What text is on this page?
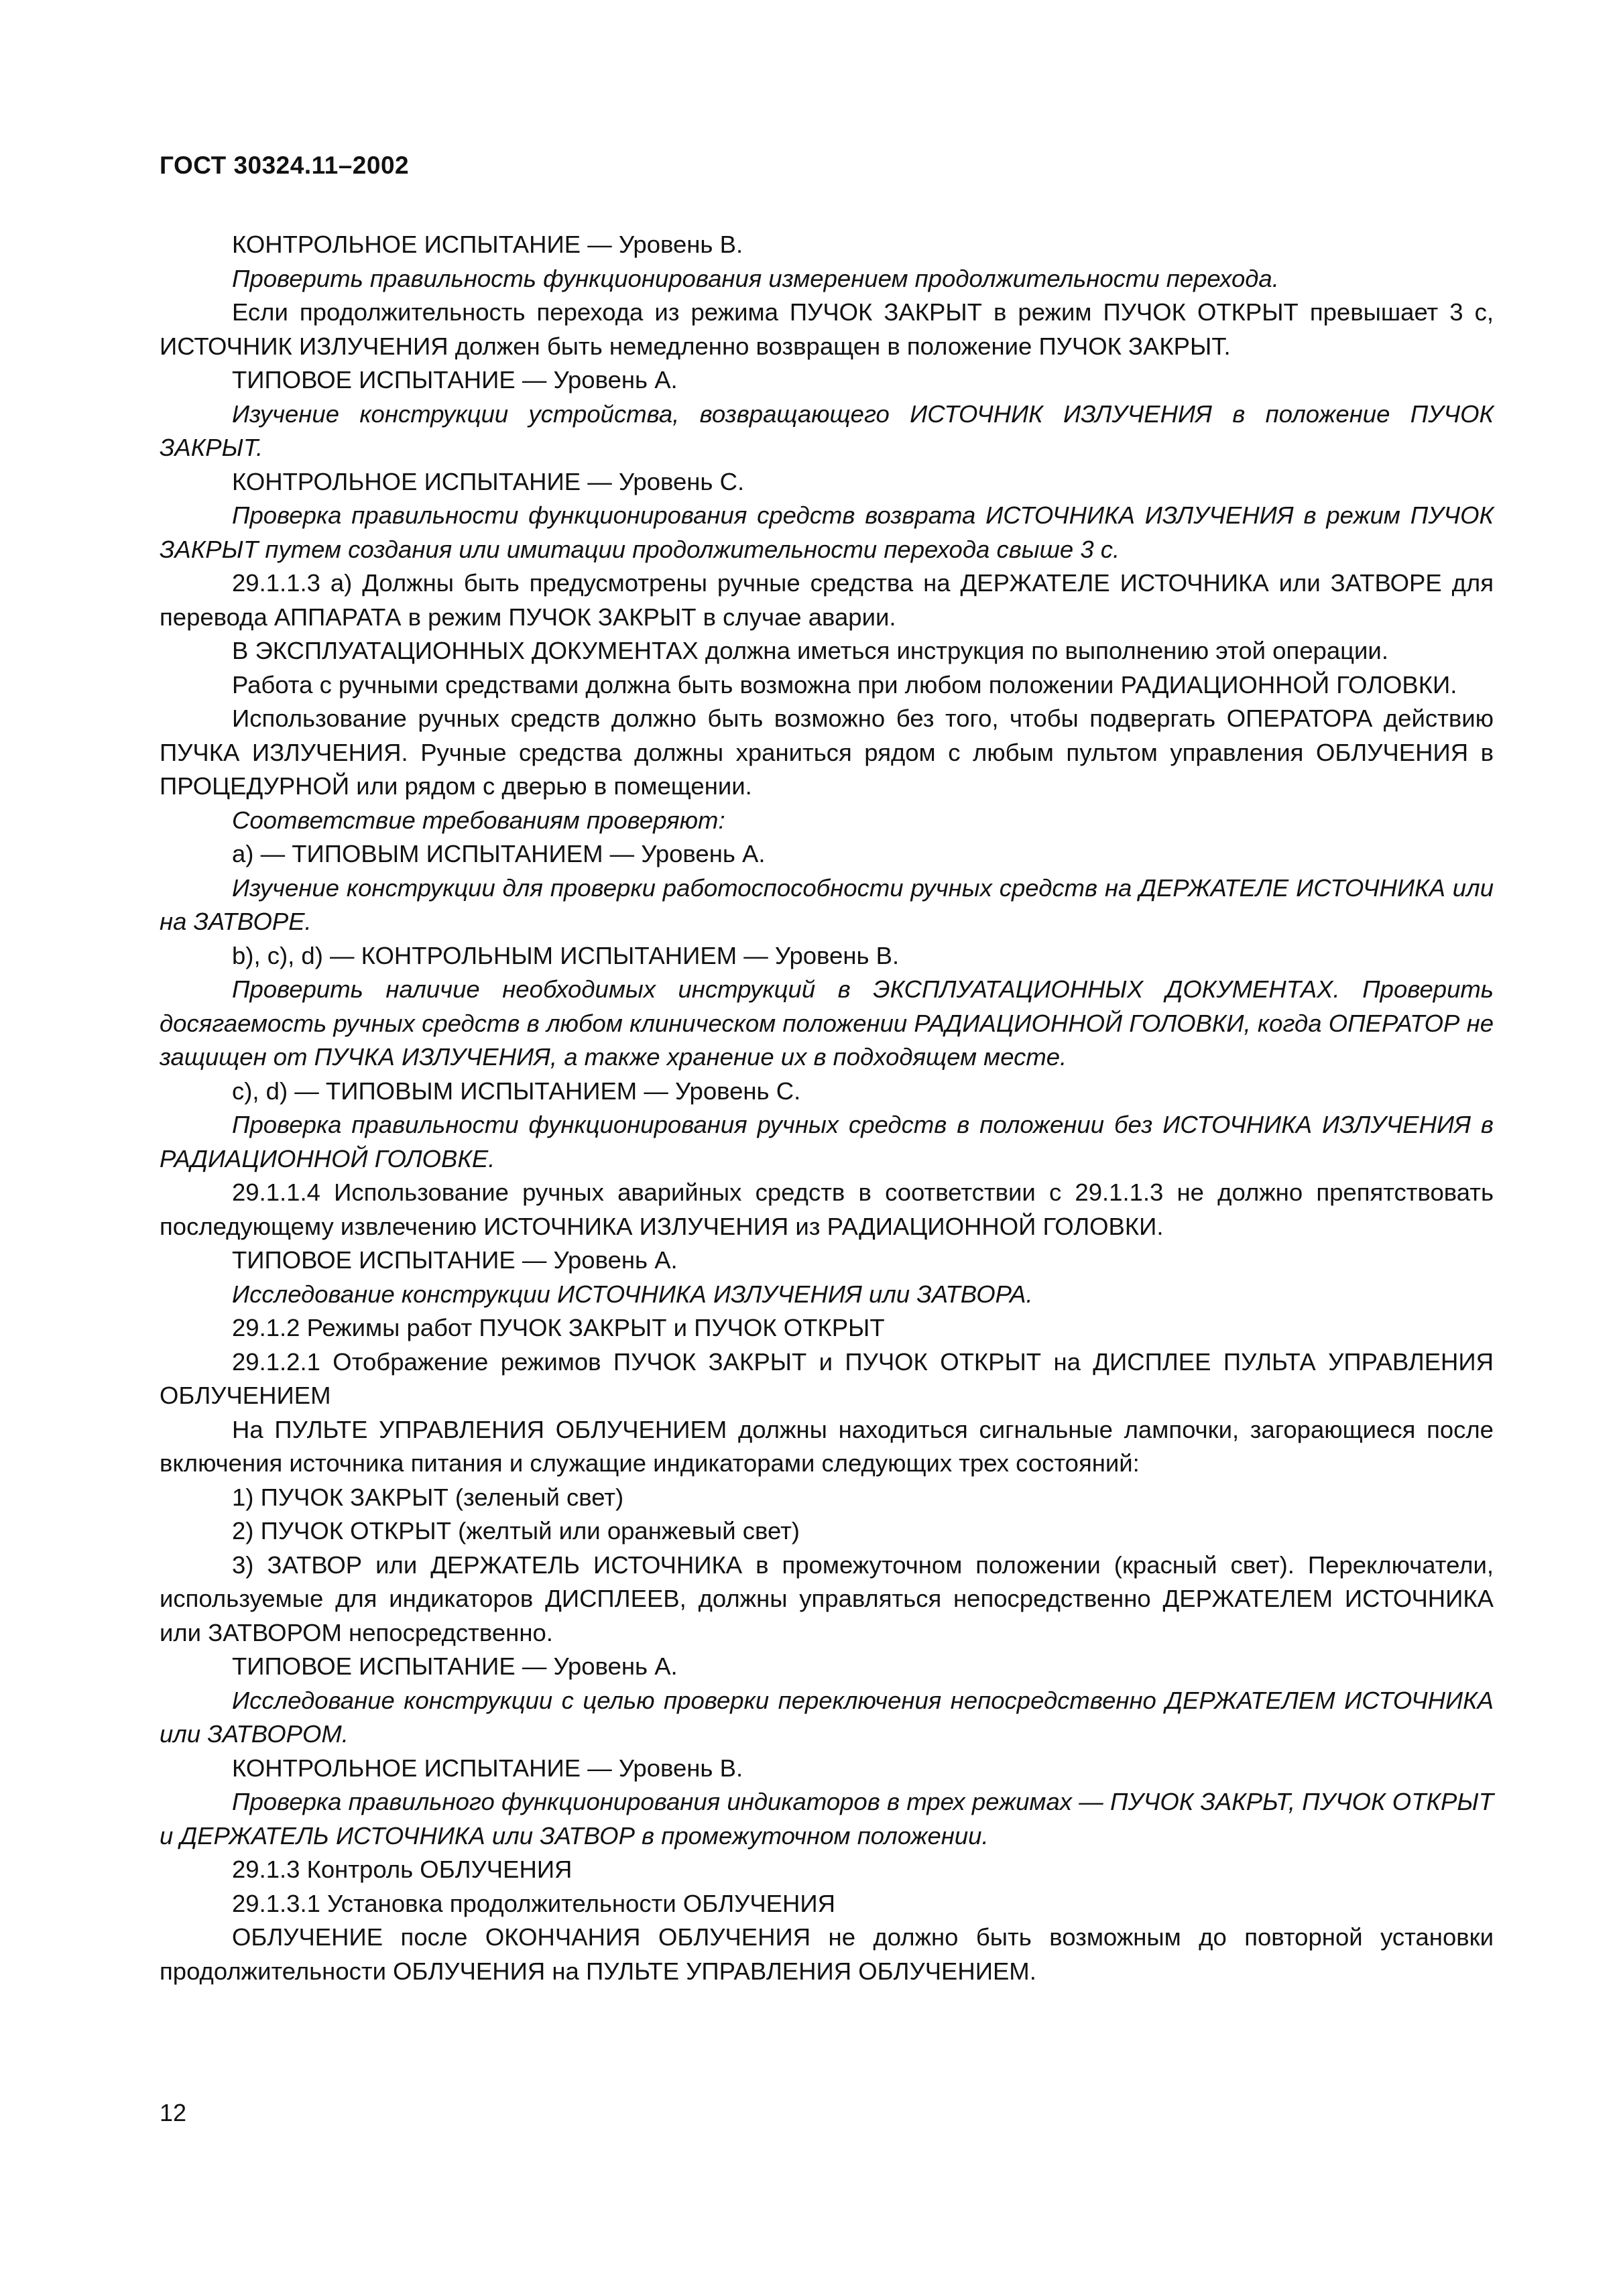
ГОСТ 30324.11–2002

КОНТРОЛЬНОЕ ИСПЫТАНИЕ — Уровень В.

Проверить правильность функционирования измерением продолжительности перехода.

Если продолжительность перехода из режима ПУЧОК ЗАКРЫТ в режим ПУЧОК ОТКРЫТ превышает 3 с, ИСТОЧНИК ИЗЛУЧЕНИЯ должен быть немедленно возвращен в положение ПУЧОК ЗАКРЫТ.

ТИПОВОЕ ИСПЫТАНИЕ — Уровень А.

Изучение конструкции устройства, возвращающего ИСТОЧНИК ИЗЛУЧЕНИЯ в положение ПУЧОК ЗАКРЫТ.

КОНТРОЛЬНОЕ ИСПЫТАНИЕ — Уровень С.

Проверка правильности функционирования средств возврата ИСТОЧНИКА ИЗЛУЧЕНИЯ в режим ПУЧОК ЗАКРЫТ путем создания или имитации продолжительности перехода свыше 3 с.

29.1.1.3 а) Должны быть предусмотрены ручные средства на ДЕРЖАТЕЛЕ ИСТОЧНИКА или ЗАТВОРЕ для перевода АППАРАТА в режим ПУЧОК ЗАКРЫТ в случае аварии.

В ЭКСПЛУАТАЦИОННЫХ ДОКУМЕНТАХ должна иметься инструкция по выполнению этой операции.

Работа с ручными средствами должна быть возможна при любом положении РАДИАЦИОННОЙ ГОЛОВКИ.

Использование ручных средств должно быть возможно без того, чтобы подвергать ОПЕРАТОРА действию ПУЧКА ИЗЛУЧЕНИЯ. Ручные средства должны храниться рядом с любым пультом управления ОБЛУЧЕНИЯ в ПРОЦЕДУРНОЙ или рядом с дверью в помещении.

Соответствие требованиям проверяют:

а) — ТИПОВЫМ ИСПЫТАНИЕМ — Уровень А.

Изучение конструкции для проверки работоспособности ручных средств на ДЕРЖАТЕЛЕ ИСТОЧНИКА или на ЗАТВОРЕ.

b), с), d) — КОНТРОЛЬНЫМ ИСПЫТАНИЕМ — Уровень В.

Проверить наличие необходимых инструкций в ЭКСПЛУАТАЦИОННЫХ ДОКУМЕНТАХ. Проверить досягаемость ручных средств в любом клиническом положении РАДИАЦИОННОЙ ГОЛОВКИ, когда ОПЕРАТОР не защищен от ПУЧКА ИЗЛУЧЕНИЯ, а также хранение их в подходящем месте.

с), d) — ТИПОВЫМ ИСПЫТАНИЕМ — Уровень С.

Проверка правильности функционирования ручных средств в положении без ИСТОЧНИКА ИЗЛУЧЕНИЯ в РАДИАЦИОННОЙ ГОЛОВКЕ.

29.1.1.4 Использование ручных аварийных средств в соответствии с 29.1.1.3 не должно препятствовать последующему извлечению ИСТОЧНИКА ИЗЛУЧЕНИЯ из РАДИАЦИОННОЙ ГОЛОВКИ.

ТИПОВОЕ ИСПЫТАНИЕ — Уровень А.

Исследование конструкции ИСТОЧНИКА ИЗЛУЧЕНИЯ или ЗАТВОРА.

29.1.2 Режимы работ ПУЧОК ЗАКРЫТ и ПУЧОК ОТКРЫТ

29.1.2.1 Отображение режимов ПУЧОК ЗАКРЫТ и ПУЧОК ОТКРЫТ на ДИСПЛЕЕ ПУЛЬТА УПРАВЛЕНИЯ ОБЛУЧЕНИЕМ

На ПУЛЬТЕ УПРАВЛЕНИЯ ОБЛУЧЕНИЕМ должны находиться сигнальные лампочки, загорающиеся после включения источника питания и служащие индикаторами следующих трех состояний:

1) ПУЧОК ЗАКРЫТ (зеленый свет)

2) ПУЧОК ОТКРЫТ (желтый или оранжевый свет)

3) ЗАТВОР или ДЕРЖАТЕЛЬ ИСТОЧНИКА в промежуточном положении (красный свет). Переключатели, используемые для индикаторов ДИСПЛЕЕВ, должны управляться непосредственно ДЕРЖАТЕЛЕМ ИСТОЧНИКА или ЗАТВОРОМ непосредственно.

ТИПОВОЕ ИСПЫТАНИЕ — Уровень А.

Исследование конструкции с целью проверки переключения непосредственно ДЕРЖАТЕЛЕМ ИСТОЧНИКА или ЗАТВОРОМ.

КОНТРОЛЬНОЕ ИСПЫТАНИЕ — Уровень В.

Проверка правильного функционирования индикаторов в трех режимах — ПУЧОК ЗАКРЬТ, ПУЧОК ОТКРЫТ и ДЕРЖАТЕЛЬ ИСТОЧНИКА или ЗАТВОР в промежуточном положении.

29.1.3 Контроль ОБЛУЧЕНИЯ

29.1.3.1 Установка продолжительности ОБЛУЧЕНИЯ

ОБЛУЧЕНИЕ после ОКОНЧАНИЯ ОБЛУЧЕНИЯ не должно быть возможным до повторной установки продолжительности ОБЛУЧЕНИЯ на ПУЛЬТЕ УПРАВЛЕНИЯ ОБЛУЧЕНИЕМ.

12
